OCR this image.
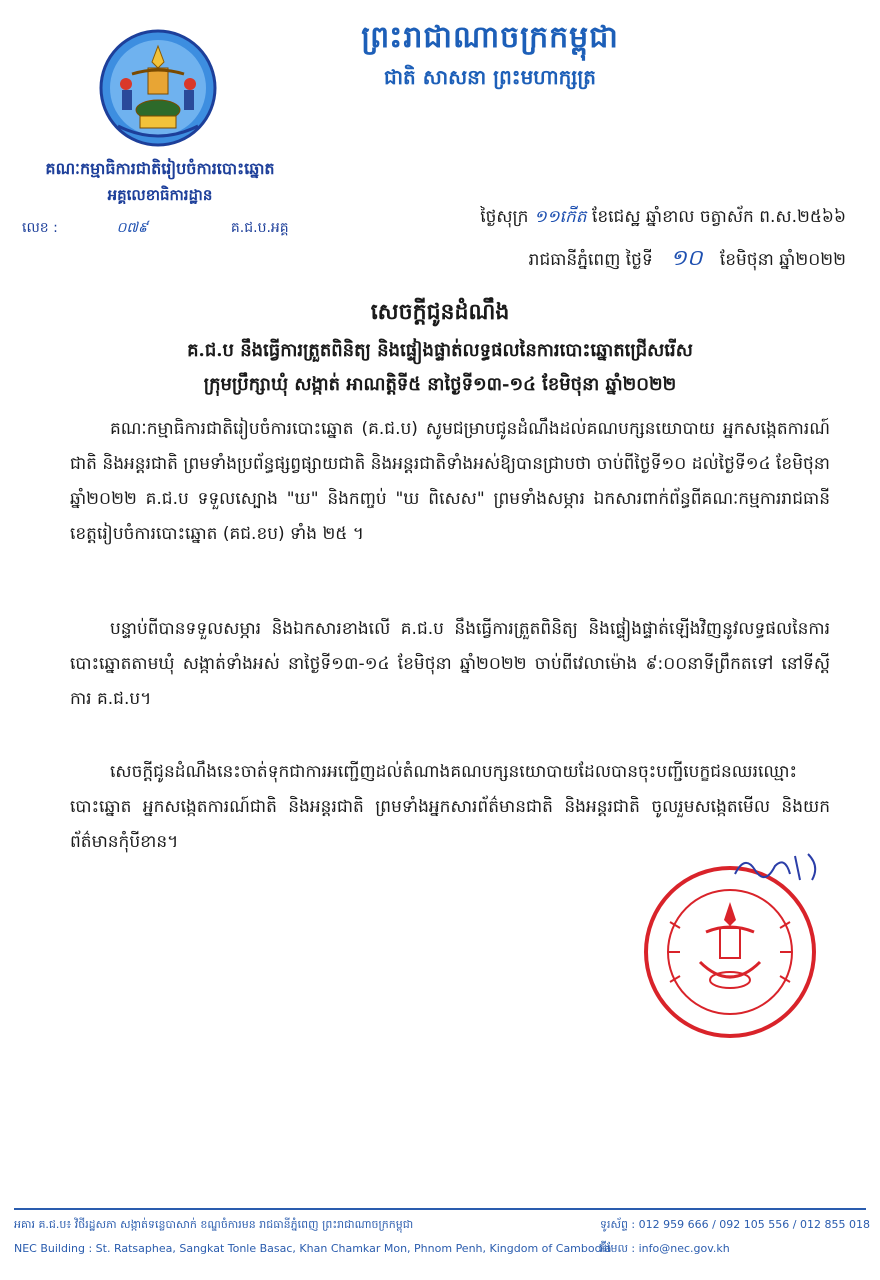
ព្រះរាជាណាចក្រកម្ពុជា
ជាតិ សាសនា ព្រះមហាក្សត្រ
គណៈកម្មាធិការជាតិរៀបចំការបោះឆ្នោត
អគ្គលេខាធិការដ្ឋាន
លេខ :	០៧៩	គ.ជ.ប.អគ្គ
ថ្ងៃសុក្រ ១១កើត ខែជេស្ឋ ឆ្នាំខាល ចត្វាស័ក ព.ស.២៥៦៦
រាជធានីភ្នំពេញ ថ្ងៃទី ១០ ខែមិថុនា ឆ្នាំ២០២២
សេចក្តីជូនដំណឹង
គ.ជ.ប នឹងធ្វើការត្រួតពិនិត្យ និងផ្ទៀងផ្ទាត់លទ្ធផលនៃការបោះឆ្នោតជ្រើសរើស
ក្រុមប្រឹក្សាឃុំ សង្កាត់ អាណត្តិទី៥ នាថ្ងៃទី១៣-១៤ ខែមិថុនា ឆ្នាំ២០២២
គណៈកម្មាធិការជាតិរៀបចំការបោះឆ្នោត (គ.ជ.ប) សូមជម្រាបជូនដំណឹងដល់គណបក្សនយោបាយ អ្នកសង្កេតការណ៍ជាតិ និងអន្តរជាតិ ព្រមទាំងប្រព័ន្ធផ្សព្វផ្សាយជាតិ និងអន្តរជាតិទាំងអស់ឱ្យបានជ្រាបថា ចាប់ពីថ្ងៃទី១០ ដល់ថ្ងៃទី១៤ ខែមិថុនា ឆ្នាំ២០២២ គ.ជ.ប ទទួលស្បោង "ឃ" និងកញ្ចប់ "ឃ ពិសេស" ព្រមទាំងសម្ភារ ឯកសារពាក់ព័ន្ធពីគណៈកម្មការរាជធានី ខេត្តរៀបចំការបោះឆ្នោត (គជ.ខប) ទាំង ២៥ ។
បន្ទាប់ពីបានទទួលសម្ភារ និងឯកសារខាងលើ គ.ជ.ប នឹងធ្វើការត្រួតពិនិត្យ និងផ្ទៀងផ្ទាត់ឡើងវិញនូវលទ្ធផលនៃការបោះឆ្នោតតាមឃុំ សង្កាត់ទាំងអស់ នាថ្ងៃទី១៣-១៤ ខែមិថុនា ឆ្នាំ២០២២ ចាប់ពីវេលាម៉ោង ៩:០០នាទីព្រឹកតទៅ នៅទីស្តីការ គ.ជ.ប។
សេចក្តីជូនដំណឹងនេះចាត់ទុកជាការអញ្ជើញដល់តំណាងគណបក្សនយោបាយដែលបានចុះបញ្ជីបេក្ខជនឈរឈ្មោះបោះឆ្នោត អ្នកសង្កេតការណ៍ជាតិ និងអន្តរជាតិ ព្រមទាំងអ្នកសារព័ត៌មានជាតិ និងអន្តរជាតិ ចូលរួមសង្កេតមើល និងយកព័ត៌មានកុំបីខាន។
អគារ គ.ជ.ប៖ វិថីរដ្ឋសភា សង្កាត់ទន្លេបាសាក់ ខណ្ឌចំការមន រាជធានីភ្នំពេញ ព្រះរាជាណាចក្រកម្ពុជា
NEC Building : St. Ratsaphea, Sangkat Tonle Basac, Khan Chamkar Mon, Phnom Penh, Kingdom of Cambodia
ទូរស័ព្ទ : 012 959 666 / 092 105 556 / 012 855 018
អ៊ីមែល : info@nec.gov.kh
